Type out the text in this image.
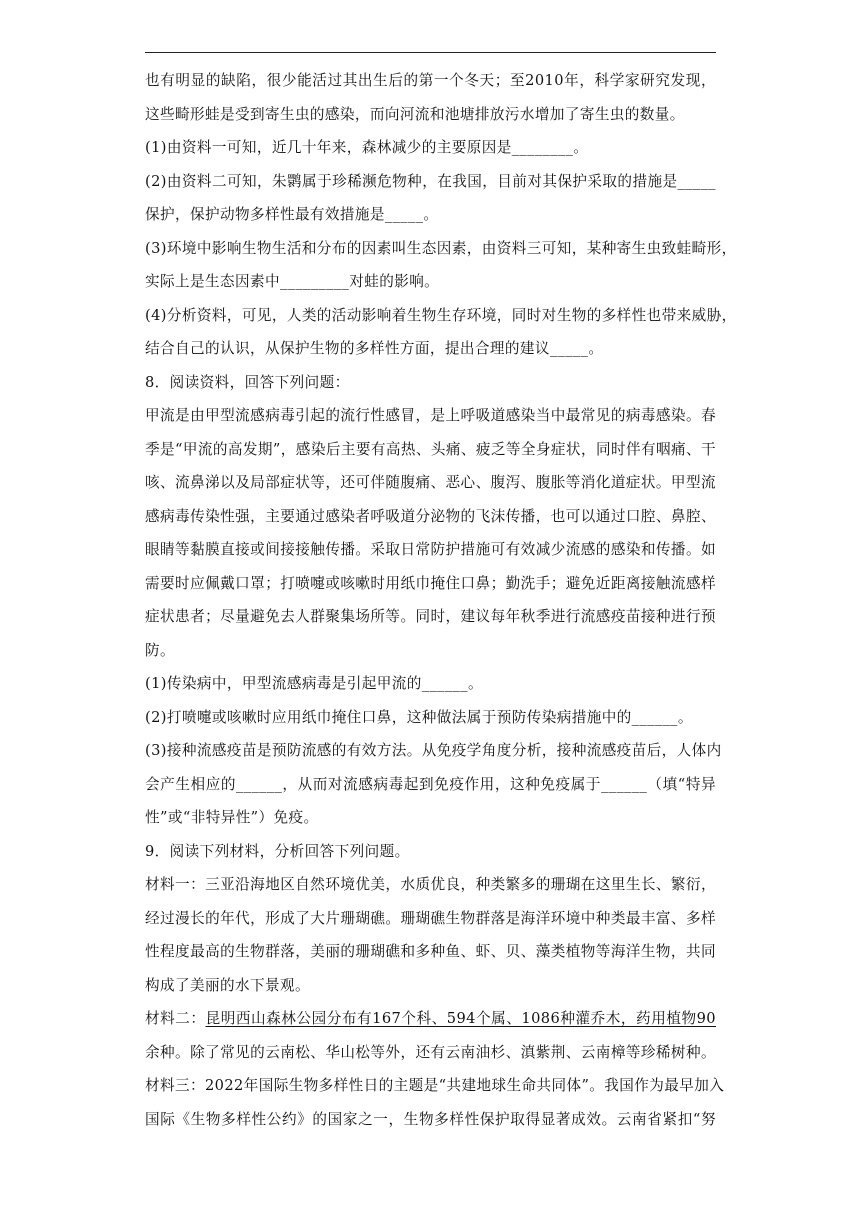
也有明显的缺陷，很少能活过其出生后的第一个冬天；至2010年，科学家研究发现，
这些畸形蛙是受到寄生虫的感染，而向河流和池塘排放污水增加了寄生虫的数量。
(1)由资料一可知，近几十年来，森林减少的主要原因是________。
(2)由资料二可知，朱鹮属于珍稀濒危物种，在我国，目前对其保护采取的措施是_____
保护，保护动物多样性最有效措施是_____。
(3)环境中影响生物生活和分布的因素叫生态因素，由资料三可知，某种寄生虫致蛙畸形，
实际上是生态因素中_________对蛙的影响。
(4)分析资料，可见，人类的活动影响着生物生存环境，同时对生物的多样性也带来威胁，
结合自己的认识，从保护生物的多样性方面，提出合理的建议_____。
8．阅读资料，回答下列问题：
甲流是由甲型流感病毒引起的流行性感冒，是上呼吸道感染当中最常见的病毒感染。春
季是“甲流的高发期”，感染后主要有高热、头痛、疲乏等全身症状，同时伴有咽痛、干
咳、流鼻涕以及局部症状等，还可伴随腹痛、恶心、腹泻、腹胀等消化道症状。甲型流
感病毒传染性强，主要通过感染者呼吸道分泌物的飞沫传播，也可以通过口腔、鼻腔、
眼睛等黏膜直接或间接接触传播。采取日常防护措施可有效减少流感的感染和传播。如
需要时应佩戴口罩；打喷嚏或咳嗽时用纸巾掩住口鼻；勤洗手；避免近距离接触流感样
症状患者；尽量避免去人群聚集场所等。同时，建议每年秋季进行流感疫苗接种进行预
防。
(1)传染病中，甲型流感病毒是引起甲流的______。
(2)打喷嚏或咳嗽时应用纸巾掩住口鼻，这种做法属于预防传染病措施中的______。
(3)接种流感疫苗是预防流感的有效方法。从免疫学角度分析，接种流感疫苗后，人体内
会产生相应的______，从而对流感病毒起到免疫作用，这种免疫属于______（填“特异
性”或“非特异性”）免疫。
9．阅读下列材料，分析回答下列问题。
材料一：三亚沿海地区自然环境优美，水质优良，种类繁多的珊瑚在这里生长、繁衍，
经过漫长的年代，形成了大片珊瑚礁。珊瑚礁生物群落是海洋环境中种类最丰富、多样
性程度最高的生物群落，美丽的珊瑚礁和多种鱼、虾、贝、藻类植物等海洋生物，共同
构成了美丽的水下景观。
材料二：昆明西山森林公园分布有167个科、594个属、1086种灌乔木，药用植物90
余种。除了常见的云南松、华山松等外，还有云南油杉、滇紫荆、云南樟等珍稀树种。
材料三：2022年国际生物多样性日的主题是“共建地球生命共同体”。我国作为最早加入
国际《生物多样性公约》的国家之一，生物多样性保护取得显著成效。云南省紧扣“努
